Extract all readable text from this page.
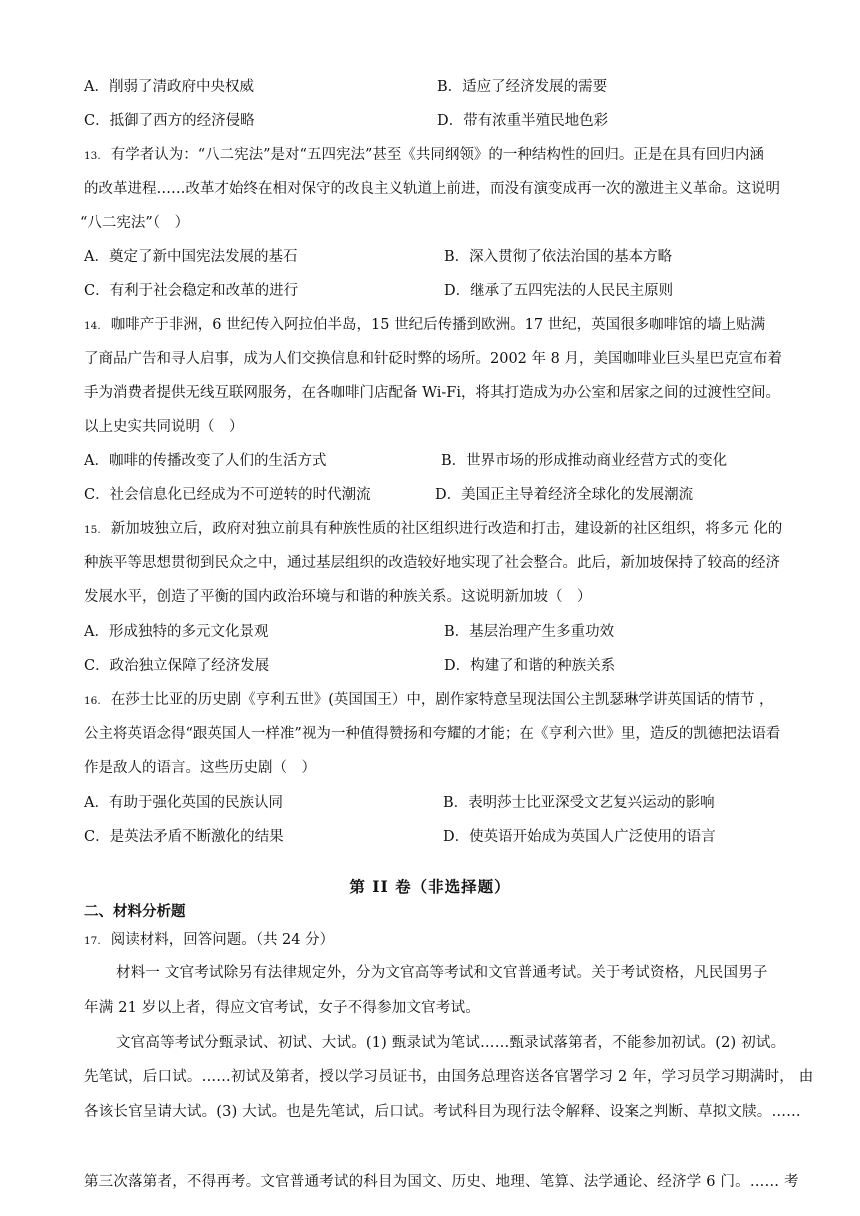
A．削弱了清政府中央权威	B．适应了经济发展的需要
C．抵御了西方的经济侵略	D．带有浓重半殖民地色彩
13. 有学者认为：“八二宪法”是对“五四宪法”甚至《共同纲领》的一种结构性的回归。正是在具有回归内涵
的改革进程……改革才始终在相对保守的改良主义轨道上前进，而没有演变成再一次的激进主义革命。这说明
“八二宪法”（　）
A．奠定了新中国宪法发展的基石	B．深入贯彻了依法治国的基本方略
C．有利于社会稳定和改革的进行	D．继承了五四宪法的人民民主原则
14. 咖啡产于非洲，6 世纪传入阿拉伯半岛，15 世纪后传播到欧洲。17 世纪，英国很多咖啡馆的墙上贴满
了商品广告和寻人启事，成为人们交换信息和针砭时弊的场所。2002 年 8 月，美国咖啡业巨头星巴克宣布着
手为消费者提供无线互联网服务，在各咖啡门店配备 Wi-Fi，将其打造成为办公室和居家之间的过渡性空间。
以上史实共同说明（　）
A．咖啡的传播改变了人们的生活方式	B．世界市场的形成推动商业经营方式的变化
C．社会信息化已经成为不可逆转的时代潮流	D．美国正主导着经济全球化的发展潮流
15. 新加坡独立后，政府对独立前具有种族性质的社区组织进行改造和打击，建设新的社区组织，将多元 化的
种族平等思想贯彻到民众之中，通过基层组织的改造较好地实现了社会整合。此后，新加坡保持了较高的经济
发展水平，创造了平衡的国内政治环境与和谐的种族关系。这说明新加坡（　）
A．形成独特的多元文化景观	B．基层治理产生多重功效
C．政治独立保障了经济发展	D．构建了和谐的种族关系
16. 在莎士比亚的历史剧《亨利五世》(英国国王）中，剧作家特意呈现法国公主凯瑟琳学讲英国话的情节 ，
公主将英语念得“跟英国人一样准”视为一种值得赞扬和夸耀的才能；在《亨利六世》里，造反的凯德把法语看
作是敌人的语言。这些历史剧（　）
A．有助于强化英国的民族认同	B．表明莎士比亚深受文艺复兴运动的影响
C．是英法矛盾不断激化的结果	D．使英语开始成为英国人广泛使用的语言
第 II 卷（非选择题）
二、材料分析题
17. 阅读材料，回答问题。（共 24 分）
材料一 文官考试除另有法律规定外，分为文官高等考试和文官普通考试。关于考试资格，凡民国男子
年满 21 岁以上者，得应文官考试，女子不得参加文官考试。
文官高等考试分甄录试、初试、大试。(1) 甄录试为笔试……甄录试落第者，不能参加初试。(2) 初试。
先笔试，后口试。……初试及第者，授以学习员证书，由国务总理咨送各官署学习 2 年，学习员学习期满时， 由
各该长官呈请大试。(3) 大试。也是先笔试，后口试。考试科目为现行法令解释、设案之判断、草拟文牍。……
第三次落第者，不得再考。文官普通考试的科目为国文、历史、地理、笔算、法学通论、经济学 6 门。…… 考
